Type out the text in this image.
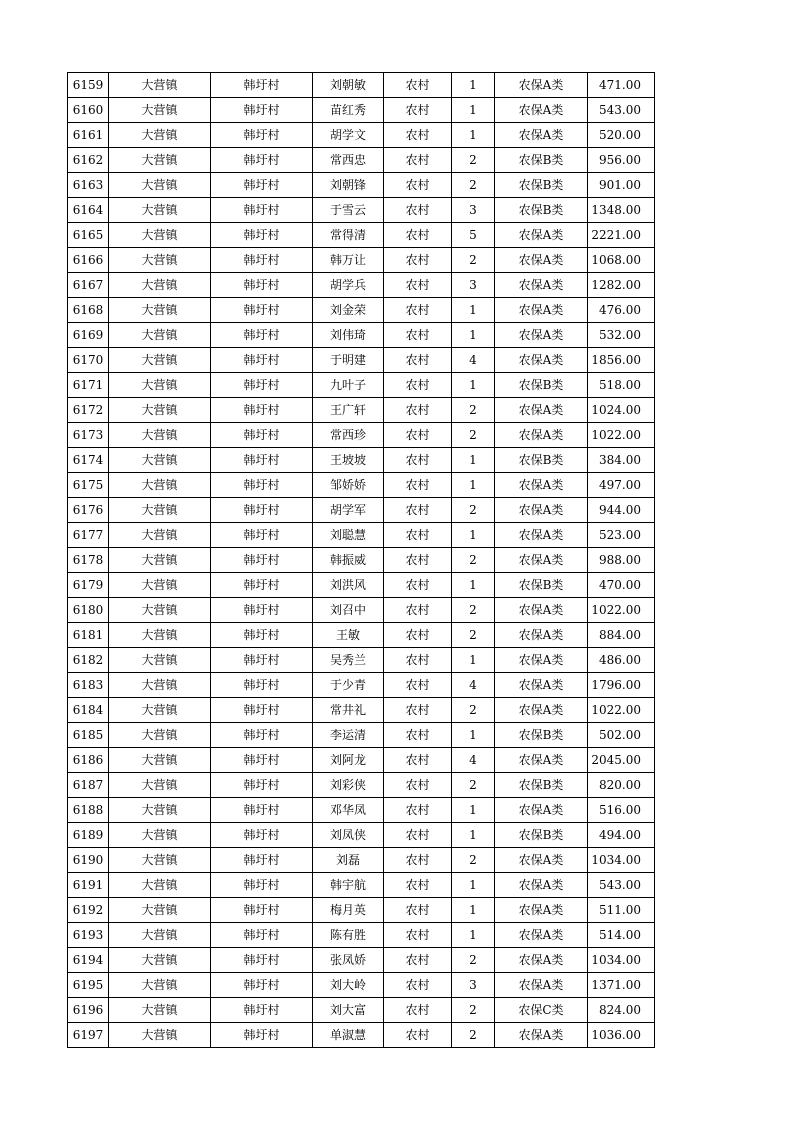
6159	大营镇	韩圩村	刘朝敏	农村	1	农保A类	471.00
6160	大营镇	韩圩村	苗红秀	农村	1	农保A类	543.00
6161	大营镇	韩圩村	胡学文	农村	1	农保A类	520.00
6162	大营镇	韩圩村	常西忠	农村	2	农保B类	956.00
6163	大营镇	韩圩村	刘朝锋	农村	2	农保B类	901.00
6164	大营镇	韩圩村	于雪云	农村	3	农保B类	1348.00
6165	大营镇	韩圩村	常得清	农村	5	农保A类	2221.00
6166	大营镇	韩圩村	韩万让	农村	2	农保A类	1068.00
6167	大营镇	韩圩村	胡学兵	农村	3	农保A类	1282.00
6168	大营镇	韩圩村	刘金荣	农村	1	农保A类	476.00
6169	大营镇	韩圩村	刘伟琦	农村	1	农保A类	532.00
6170	大营镇	韩圩村	于明建	农村	4	农保A类	1856.00
6171	大营镇	韩圩村	九叶子	农村	1	农保B类	518.00
6172	大营镇	韩圩村	王广轩	农村	2	农保A类	1024.00
6173	大营镇	韩圩村	常西珍	农村	2	农保A类	1022.00
6174	大营镇	韩圩村	王坡坡	农村	1	农保B类	384.00
6175	大营镇	韩圩村	邹娇娇	农村	1	农保A类	497.00
6176	大营镇	韩圩村	胡学军	农村	2	农保A类	944.00
6177	大营镇	韩圩村	刘聪慧	农村	1	农保A类	523.00
6178	大营镇	韩圩村	韩振威	农村	2	农保A类	988.00
6179	大营镇	韩圩村	刘洪风	农村	1	农保B类	470.00
6180	大营镇	韩圩村	刘召中	农村	2	农保A类	1022.00
6181	大营镇	韩圩村	王敏	农村	2	农保A类	884.00
6182	大营镇	韩圩村	吴秀兰	农村	1	农保A类	486.00
6183	大营镇	韩圩村	于少青	农村	4	农保A类	1796.00
6184	大营镇	韩圩村	常井礼	农村	2	农保A类	1022.00
6185	大营镇	韩圩村	李运清	农村	1	农保B类	502.00
6186	大营镇	韩圩村	刘阿龙	农村	4	农保A类	2045.00
6187	大营镇	韩圩村	刘彩侠	农村	2	农保B类	820.00
6188	大营镇	韩圩村	邓华凤	农村	1	农保A类	516.00
6189	大营镇	韩圩村	刘凤侠	农村	1	农保B类	494.00
6190	大营镇	韩圩村	刘磊	农村	2	农保A类	1034.00
6191	大营镇	韩圩村	韩宇航	农村	1	农保A类	543.00
6192	大营镇	韩圩村	梅月英	农村	1	农保A类	511.00
6193	大营镇	韩圩村	陈有胜	农村	1	农保A类	514.00
6194	大营镇	韩圩村	张凤娇	农村	2	农保A类	1034.00
6195	大营镇	韩圩村	刘大岭	农村	3	农保A类	1371.00
6196	大营镇	韩圩村	刘大富	农村	2	农保C类	824.00
6197	大营镇	韩圩村	单淑慧	农村	2	农保A类	1036.00
